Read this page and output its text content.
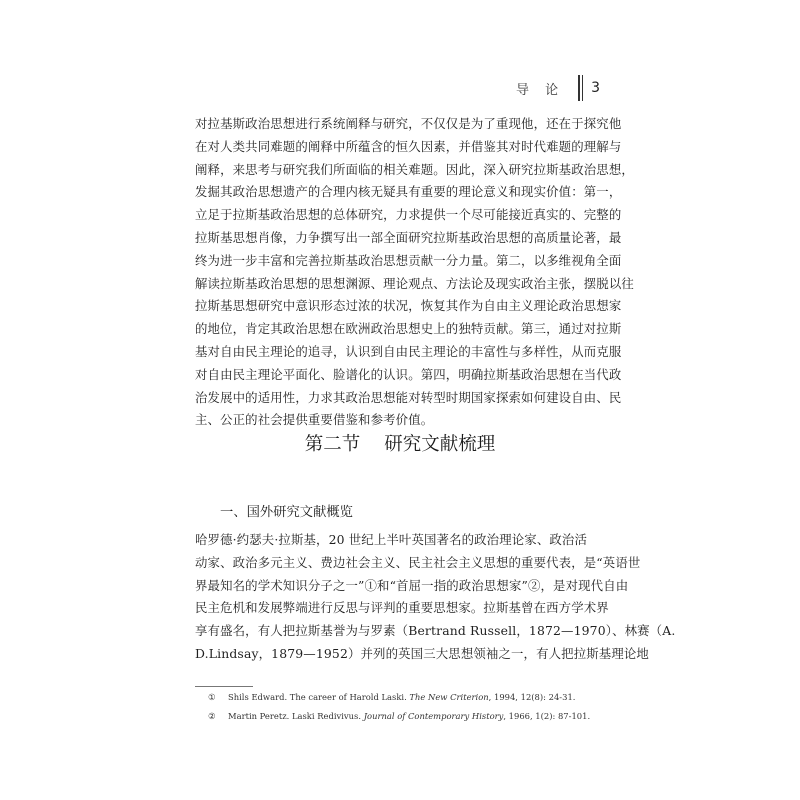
导 论 3
对拉基斯政治思想进行系统阐释与研究，不仅仅是为了重现他，还在于探究他
在对人类共同难题的阐释中所蕴含的恒久因素，并借鉴其对时代难题的理解与
阐释，来思考与研究我们所面临的相关难题。因此，深入研究拉斯基政治思想，
发掘其政治思想遗产的合理内核无疑具有重要的理论意义和现实价值：第一，
立足于拉斯基政治思想的总体研究，力求提供一个尽可能接近真实的、完整的
拉斯基思想肖像，力争撰写出一部全面研究拉斯基政治思想的高质量论著，最
终为进一步丰富和完善拉斯基政治思想贡献一分力量。第二，以多维视角全面
解读拉斯基政治思想的思想渊源、理论观点、方法论及现实政治主张，摆脱以往
拉斯基思想研究中意识形态过浓的状况，恢复其作为自由主义理论政治思想家
的地位，肯定其政治思想在欧洲政治思想史上的独特贡献。第三，通过对拉斯
基对自由民主理论的追寻，认识到自由民主理论的丰富性与多样性，从而克服
对自由民主理论平面化、脸谱化的认识。第四，明确拉斯基政治思想在当代政
治发展中的适用性，力求其政治思想能对转型时期国家探索如何建设自由、民
主、公正的社会提供重要借鉴和参考价值。
第二节 研究文献梳理
一、国外研究文献概览
哈罗德·约瑟夫·拉斯基，20 世纪上半叶英国著名的政治理论家、政治活
动家、政治多元主义、费边社会主义、民主社会主义思想的重要代表，是“英语世
界最知名的学术知识分子之一”①和“首屈一指的政治思想家”②，是对现代自由
民主危机和发展弊端进行反思与评判的重要思想家。拉斯基曾在西方学术界
享有盛名，有人把拉斯基誉为与罗素（Bertrand Russell，1872—1970）、林赛（A.
D.Lindsay，1879—1952）并列的英国三大思想领袖之一，有人把拉斯基理论地
① Shils Edward. The career of Harold Laski. The New Criterion, 1994, 12(8): 24-31.
② Martin Peretz. Laski Redivivus. Journal of Contemporary History, 1966, 1(2): 87-101.
